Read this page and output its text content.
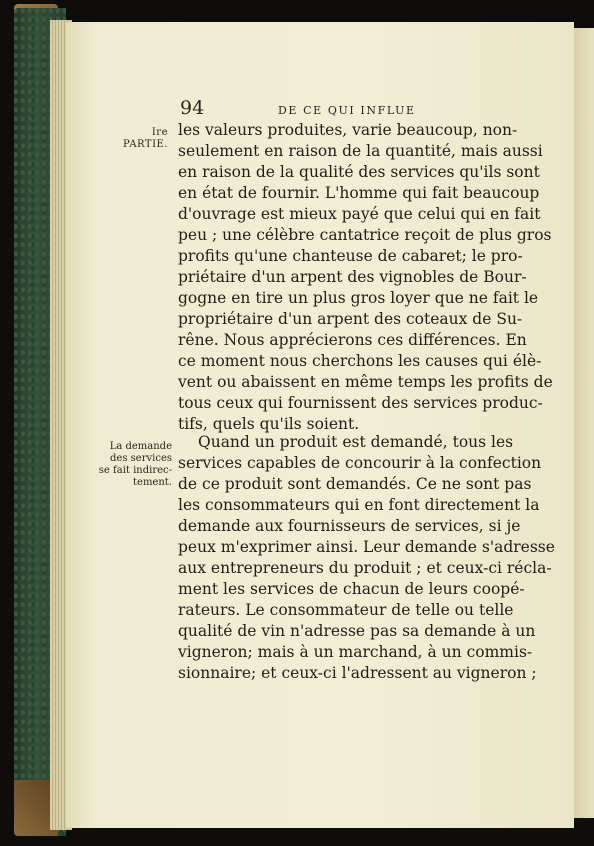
94	DE CE QUI INFLUE
Ire PARTIE.
La demande
des services
se fait indirec-
tement.
les valeurs produites, varie beaucoup, non-
seulement en raison de la quantité, mais aussi
en raison de la qualité des services qu'ils sont
en état de fournir. L'homme qui fait beaucoup
d'ouvrage est mieux payé que celui qui en fait
peu ; une célèbre cantatrice reçoit de plus gros
profits qu'une chanteuse de cabaret; le pro-
priétaire d'un arpent des vignobles de Bour-
gogne en tire un plus gros loyer que ne fait le
propriétaire d'un arpent des coteaux de Su-
rêne. Nous apprécierons ces différences. En
ce moment nous cherchons les causes qui élè-
vent ou abaissent en même temps les profits de
tous ceux qui fournissent des services produc-
tifs, quels qu'ils soient.
Quand un produit est demandé, tous les
services capables de concourir à la confection
de ce produit sont demandés. Ce ne sont pas
les consommateurs qui en font directement la
demande aux fournisseurs de services, si je
peux m'exprimer ainsi. Leur demande s'adresse
aux entrepreneurs du produit ; et ceux-ci récla-
ment les services de chacun de leurs coopé-
rateurs. Le consommateur de telle ou telle
qualité de vin n'adresse pas sa demande à un
vigneron; mais à un marchand, à un commis-
sionnaire; et ceux-ci l'adressent au vigneron ;
